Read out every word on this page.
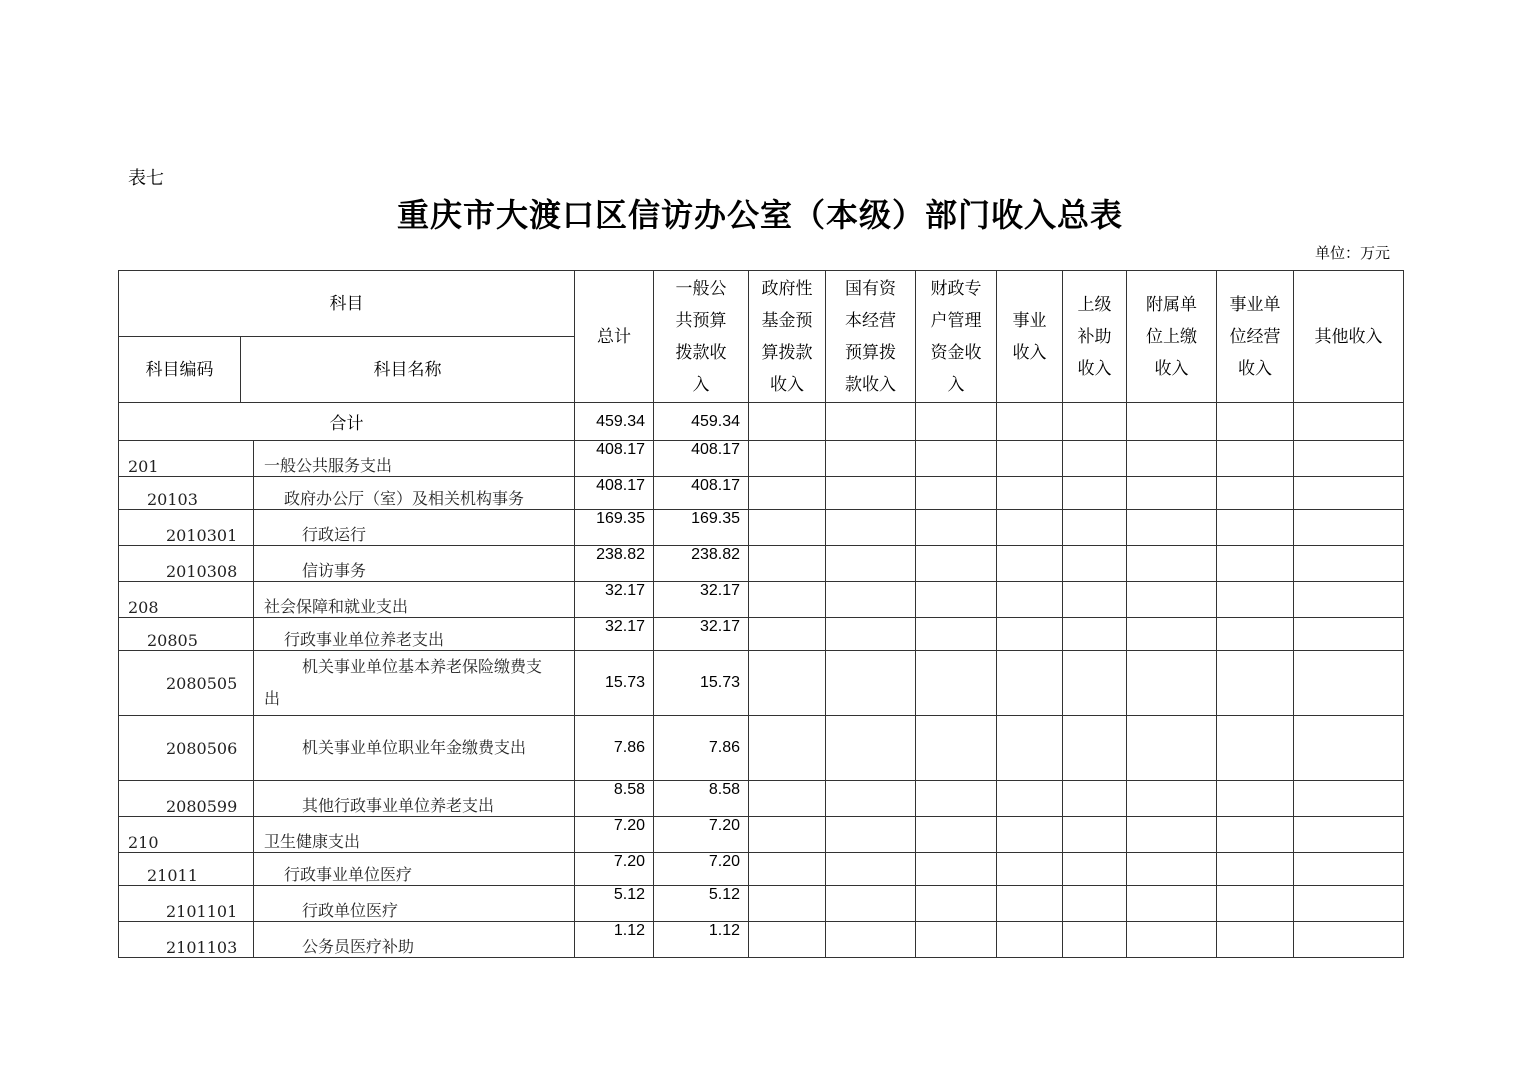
表七
重庆市大渡口区信访办公室（本级）部门收入总表
单位：万元
科目			总计	一般公共预算拨款收入	政府性基金预算拨款收入	国有资本经营预算拨款收入	财政专户管理资金收入	事业收入	上级补助收入	附属单位上缴收入	事业单位经营收入	其他收入
科目编码	科目名称											
合计			459.34	459.34								
201		一般公共服务支出	408.17	408.17								
20103		政府办公厅（室）及相关机构事务	408.17	408.17								
2010301		行政运行	169.35	169.35								
2010308		信访事务	238.82	238.82								
208		社会保障和就业支出	32.17	32.17								
20805		行政事业单位养老支出	32.17	32.17								
2080505		机关事业单位基本养老保险缴费支出	15.73	15.73								
2080506		机关事业单位职业年金缴费支出	7.86	7.86								
2080599		其他行政事业单位养老支出	8.58	8.58								
210		卫生健康支出	7.20	7.20								
21011		行政事业单位医疗	7.20	7.20								
2101101		行政单位医疗	5.12	5.12								
2101103		公务员医疗补助	1.12	1.12								
